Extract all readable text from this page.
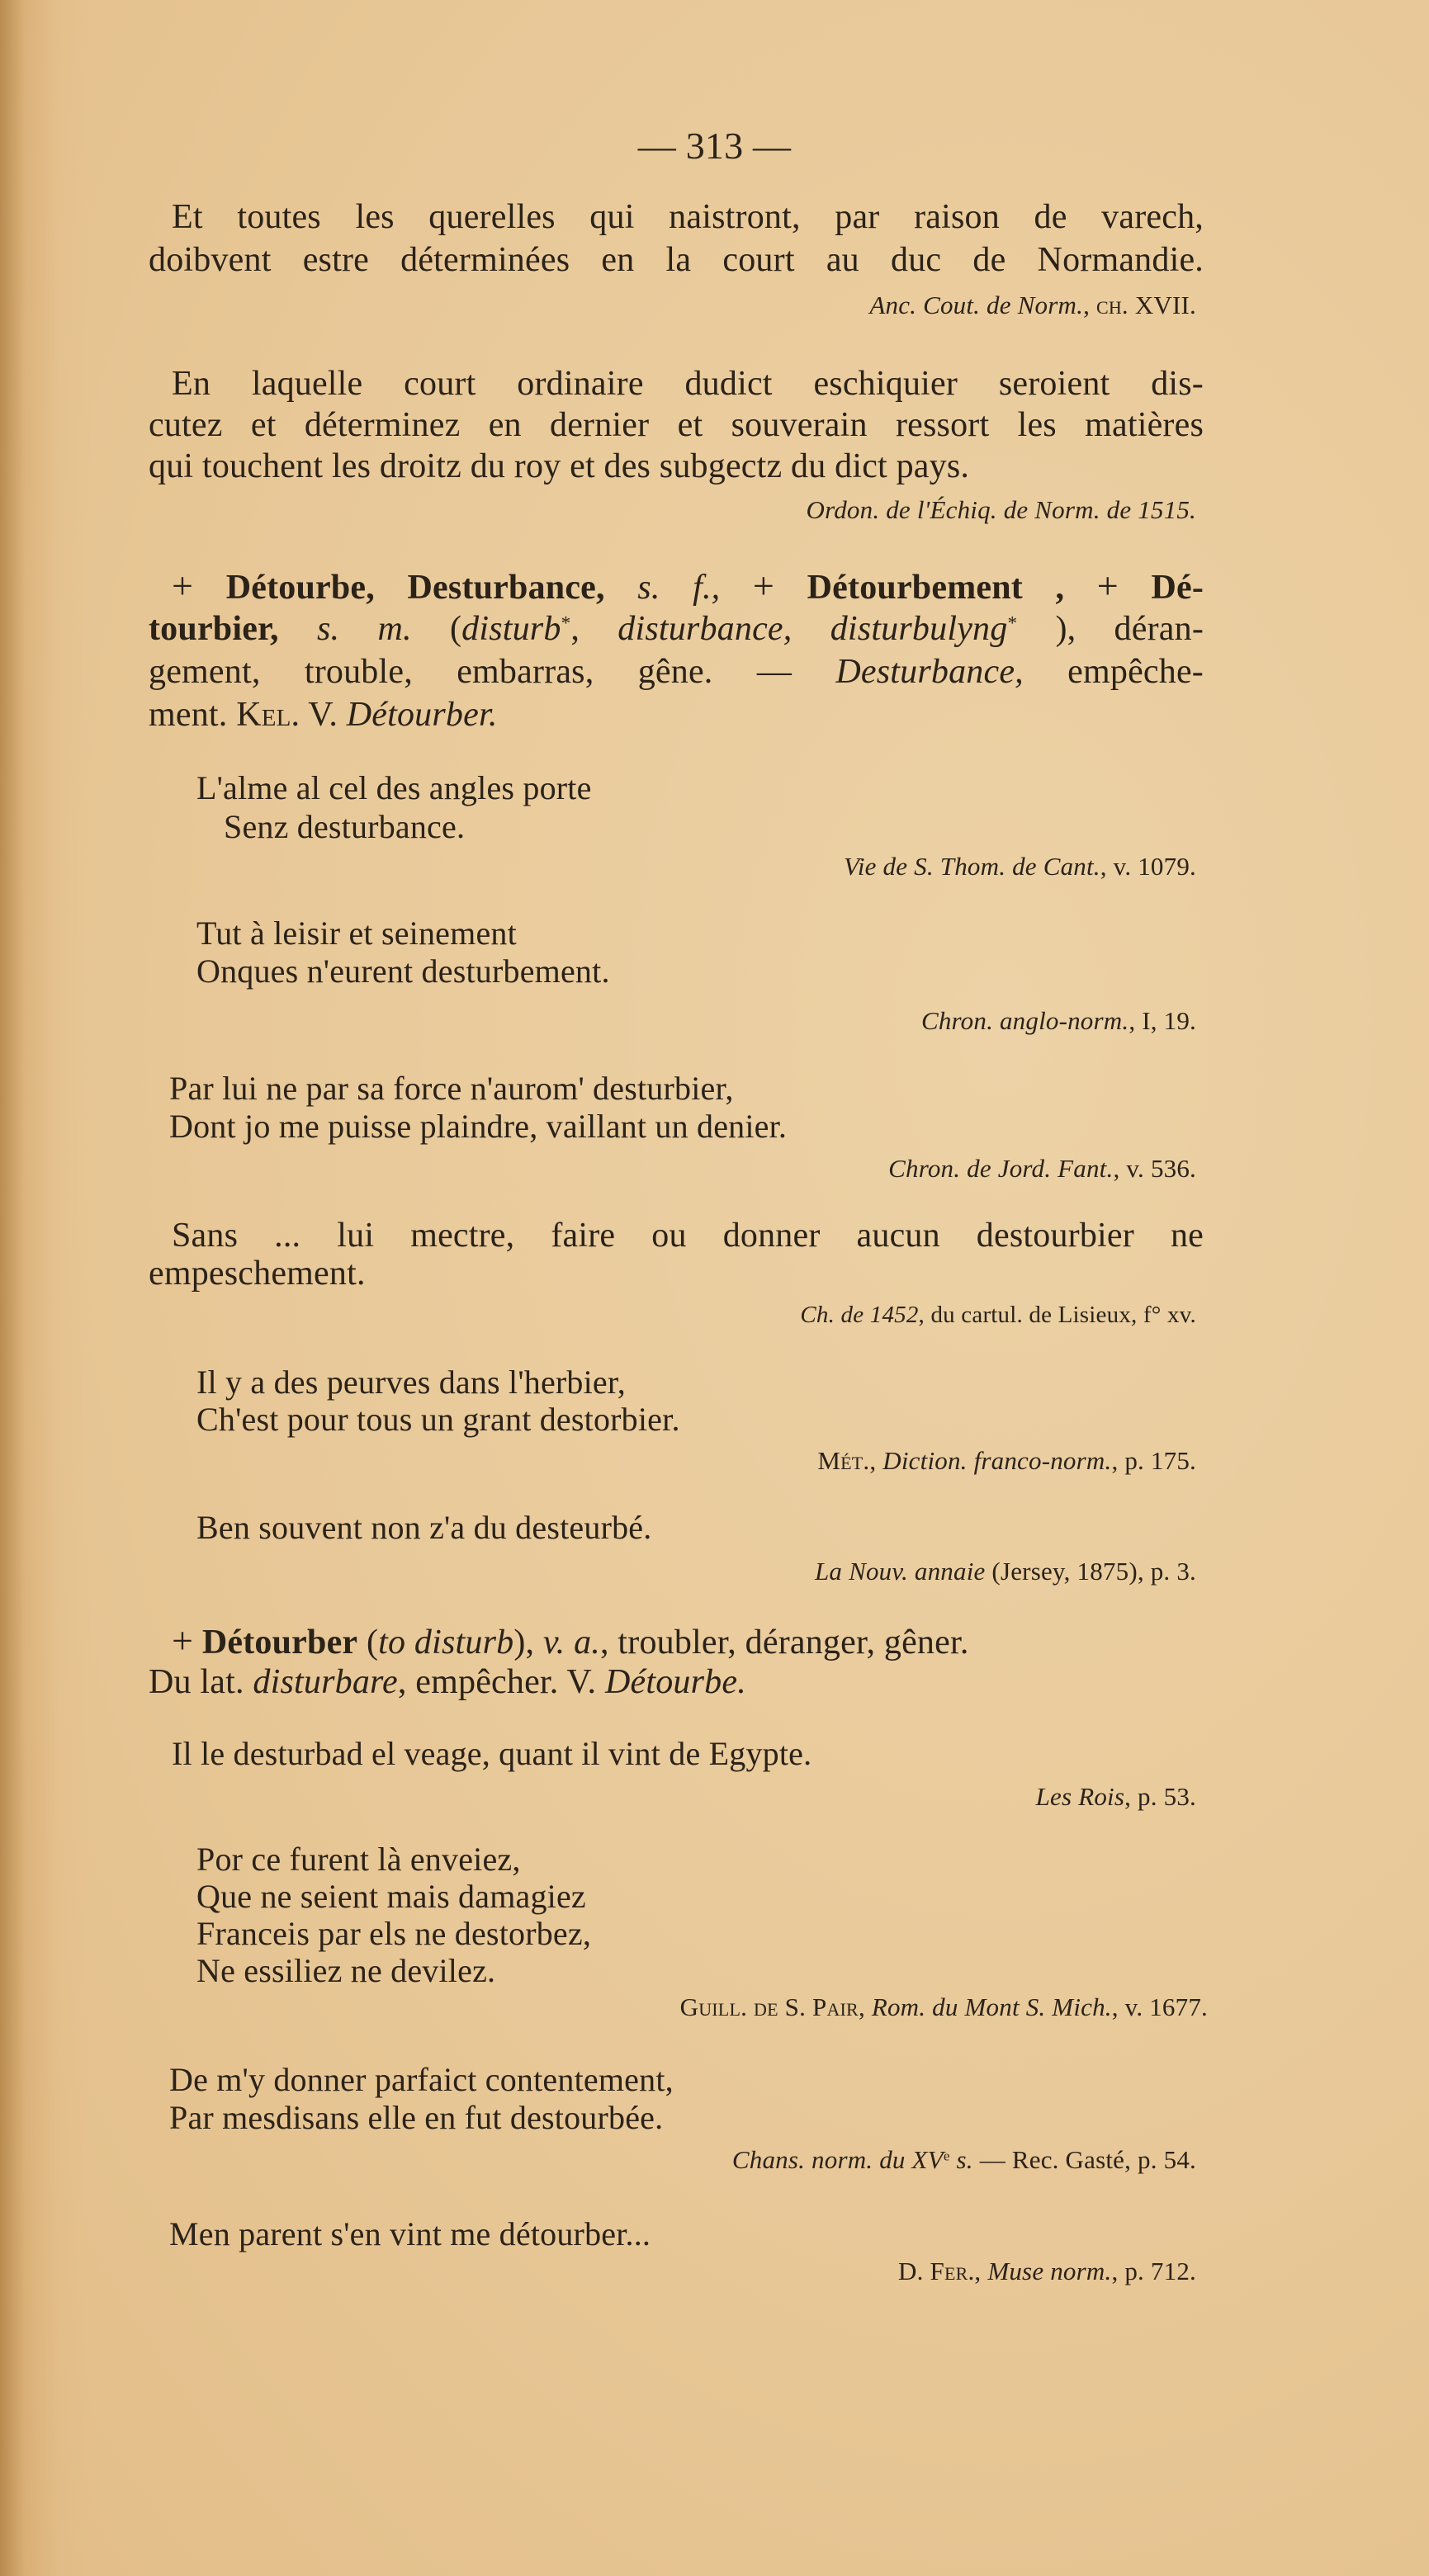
— 313 —
Et toutes les querelles qui naistront, par raison de varech,
doibvent estre déterminées en la court au duc de Normandie.
Anc. Cout. de Norm., ch. XVII.
En laquelle court ordinaire dudict eschiquier seroient dis-
cutez et déterminez en dernier et souverain ressort les matières
qui touchent les droitz du roy et des subgectz du dict pays.
Ordon. de l'Échiq. de Norm. de 1515.
+ Détourbe, Desturbance, s. f., + Détourbement , + Dé-
tourbier, s. m. (disturb*, disturbance, disturbulyng* ), déran-
gement, trouble, embarras, gêne. — Desturbance, empêche-
ment. Kel. V. Détourber.
L'alme al cel des angles porte
Senz desturbance.
Vie de S. Thom. de Cant., v. 1079.
Tut à leisir et seinement
Onques n'eurent desturbement.
Chron. anglo-norm., I, 19.
Par lui ne par sa force n'aurom' desturbier,
Dont jo me puisse plaindre, vaillant un denier.
Chron. de Jord. Fant., v. 536.
Sans ... lui mectre, faire ou donner aucun destourbier ne
empeschement.
Ch. de 1452, du cartul. de Lisieux, f° xv.
Il y a des peurves dans l'herbier,
Ch'est pour tous un grant destorbier.
Mét., Diction. franco-norm., p. 175.
Ben souvent non z'a du desteurbé.
La Nouv. annaie (Jersey, 1875), p. 3.
+ Détourber (to disturb), v. a., troubler, déranger, gêner.
Du lat. disturbare, empêcher. V. Détourbe.
Il le desturbad el veage, quant il vint de Egypte.
Les Rois, p. 53.
Por ce furent là enveiez,
Que ne seient mais damagiez
Franceis par els ne destorbez,
Ne essiliez ne devilez.
Guill. de S. Pair, Rom. du Mont S. Mich., v. 1677.
De m'y donner parfaict contentement,
Par mesdisans elle en fut destourbée.
Chans. norm. du XVe s. — Rec. Gasté, p. 54.
Men parent s'en vint me détourber...
D. Fer., Muse norm., p. 712.
